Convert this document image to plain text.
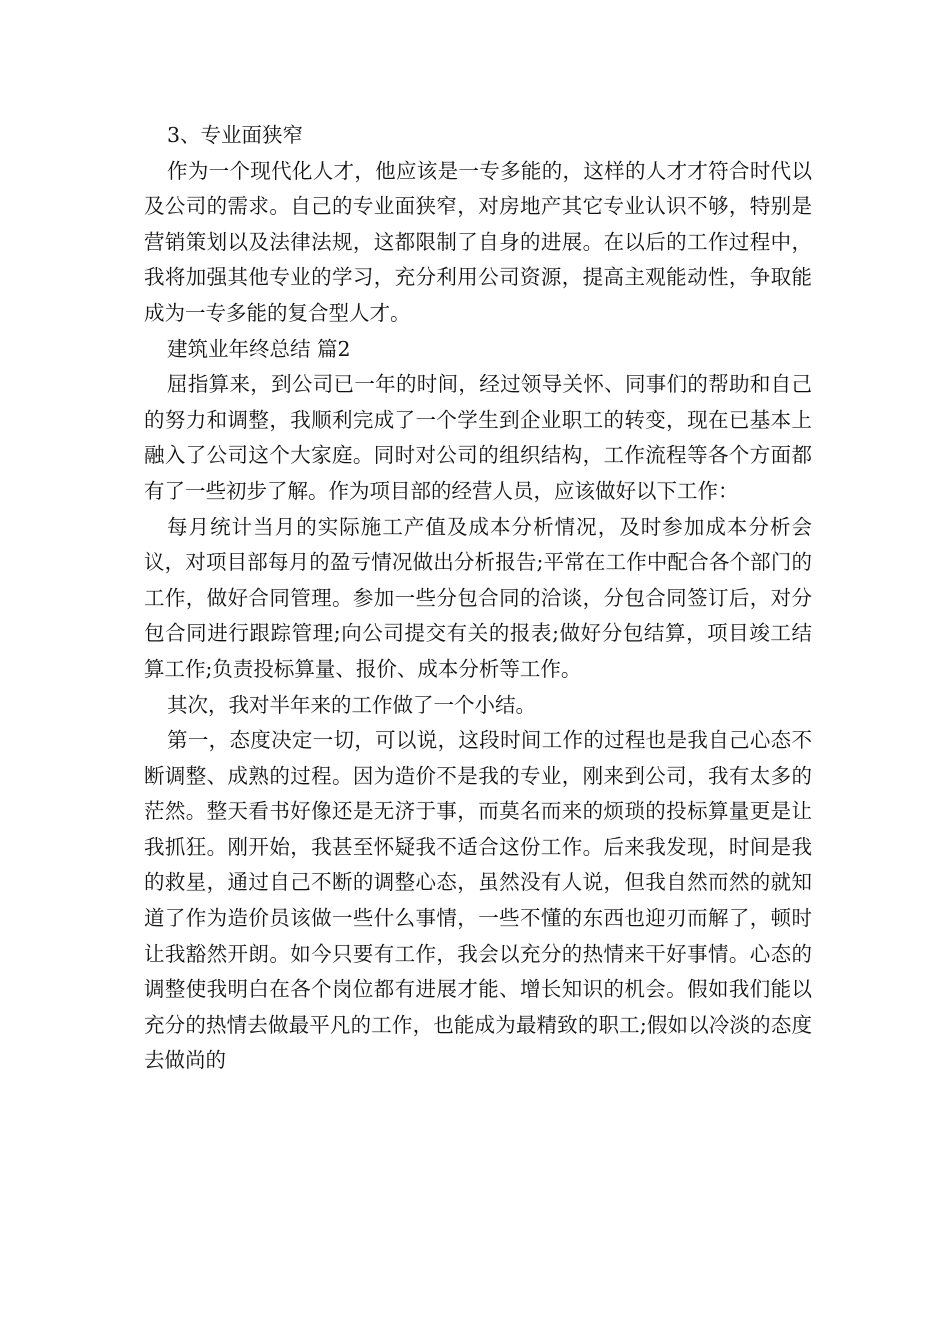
3、专业面狭窄

作为一个现代化人才，他应该是一专多能的，这样的人才才符合时代以及公司的需求。自己的专业面狭窄，对房地产其它专业认识不够，特别是营销策划以及法律法规，这都限制了自身的进展。在以后的工作过程中，我将加强其他专业的学习，充分利用公司资源，提高主观能动性，争取能成为一专多能的复合型人才。

建筑业年终总结 篇2

屈指算来，到公司已一年的时间，经过领导关怀、同事们的帮助和自己的努力和调整，我顺利完成了一个学生到企业职工的转变，现在已基本上融入了公司这个大家庭。同时对公司的组织结构，工作流程等各个方面都有了一些初步了解。作为项目部的经营人员，应该做好以下工作：

每月统计当月的实际施工产值及成本分析情况，及时参加成本分析会议，对项目部每月的盈亏情况做出分析报告;平常在工作中配合各个部门的工作，做好合同管理。参加一些分包合同的洽谈，分包合同签订后，对分包合同进行跟踪管理;向公司提交有关的报表;做好分包结算，项目竣工结算工作;负责投标算量、报价、成本分析等工作。

其次，我对半年来的工作做了一个小结。

第一，态度决定一切，可以说，这段时间工作的过程也是我自己心态不断调整、成熟的过程。因为造价不是我的专业，刚来到公司，我有太多的茫然。整天看书好像还是无济于事，而莫名而来的烦琐的投标算量更是让我抓狂。刚开始，我甚至怀疑我不适合这份工作。后来我发现，时间是我的救星，通过自己不断的调整心态，虽然没有人说，但我自然而然的就知道了作为造价员该做一些什么事情，一些不懂的东西也迎刃而解了，顿时让我豁然开朗。如今只要有工作，我会以充分的热情来干好事情。心态的调整使我明白在各个岗位都有进展才能、增长知识的机会。假如我们能以充分的热情去做最平凡的工作，也能成为最精致的职工;假如以冷淡的态度去做尚的
